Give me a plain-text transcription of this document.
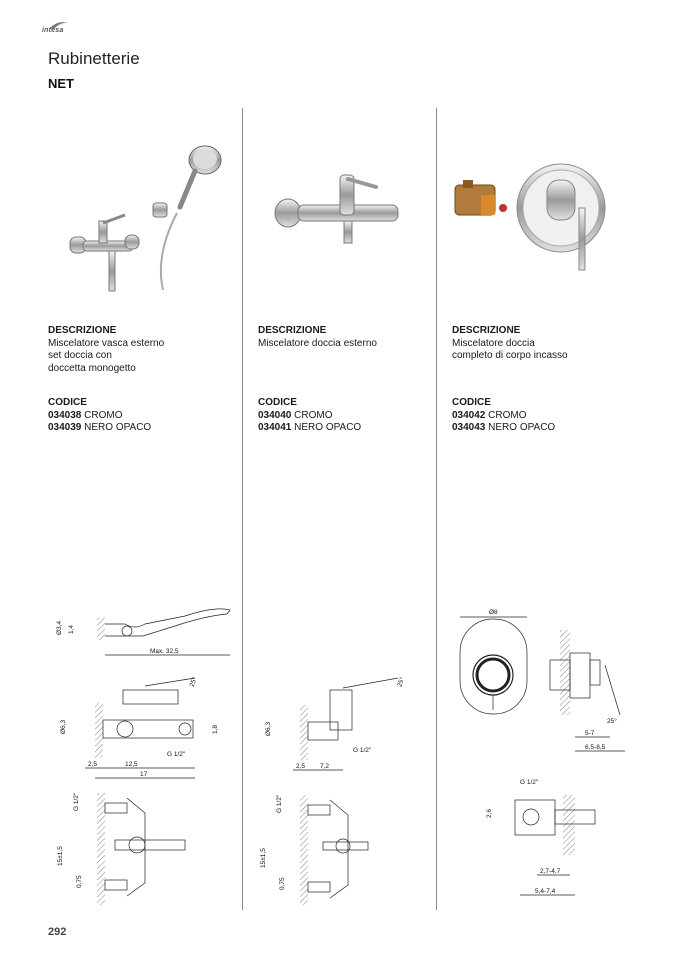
intesa
Rubinetterie
NET
DESCRIZIONE
Miscelatore vasca esterno
set doccia con
doccetta monogetto
CODICE
034038 CROMO
034039 NERO OPACO
DESCRIZIONE
Miscelatore doccia esterno
CODICE
034040 CROMO
034041 NERO OPACO
DESCRIZIONE
Miscelatore doccia
completo di corpo incasso
CODICE
034042 CROMO
034043 NERO OPACO
Max. 32,5
Ø3,4 1,4
25°
Ø6,3	1,8
G 1/2"
2,5	12,5
17
G 1/2"
15±1,5
0,75
25°
Ø6,3
G 1/2"
2,5 7,2
G 1/2"
15±1,5
0,75
Ø8
25°
5-7
6,5-8,5
G 1/2"
2,6
2,7-4,7
5,4-7,4
292
